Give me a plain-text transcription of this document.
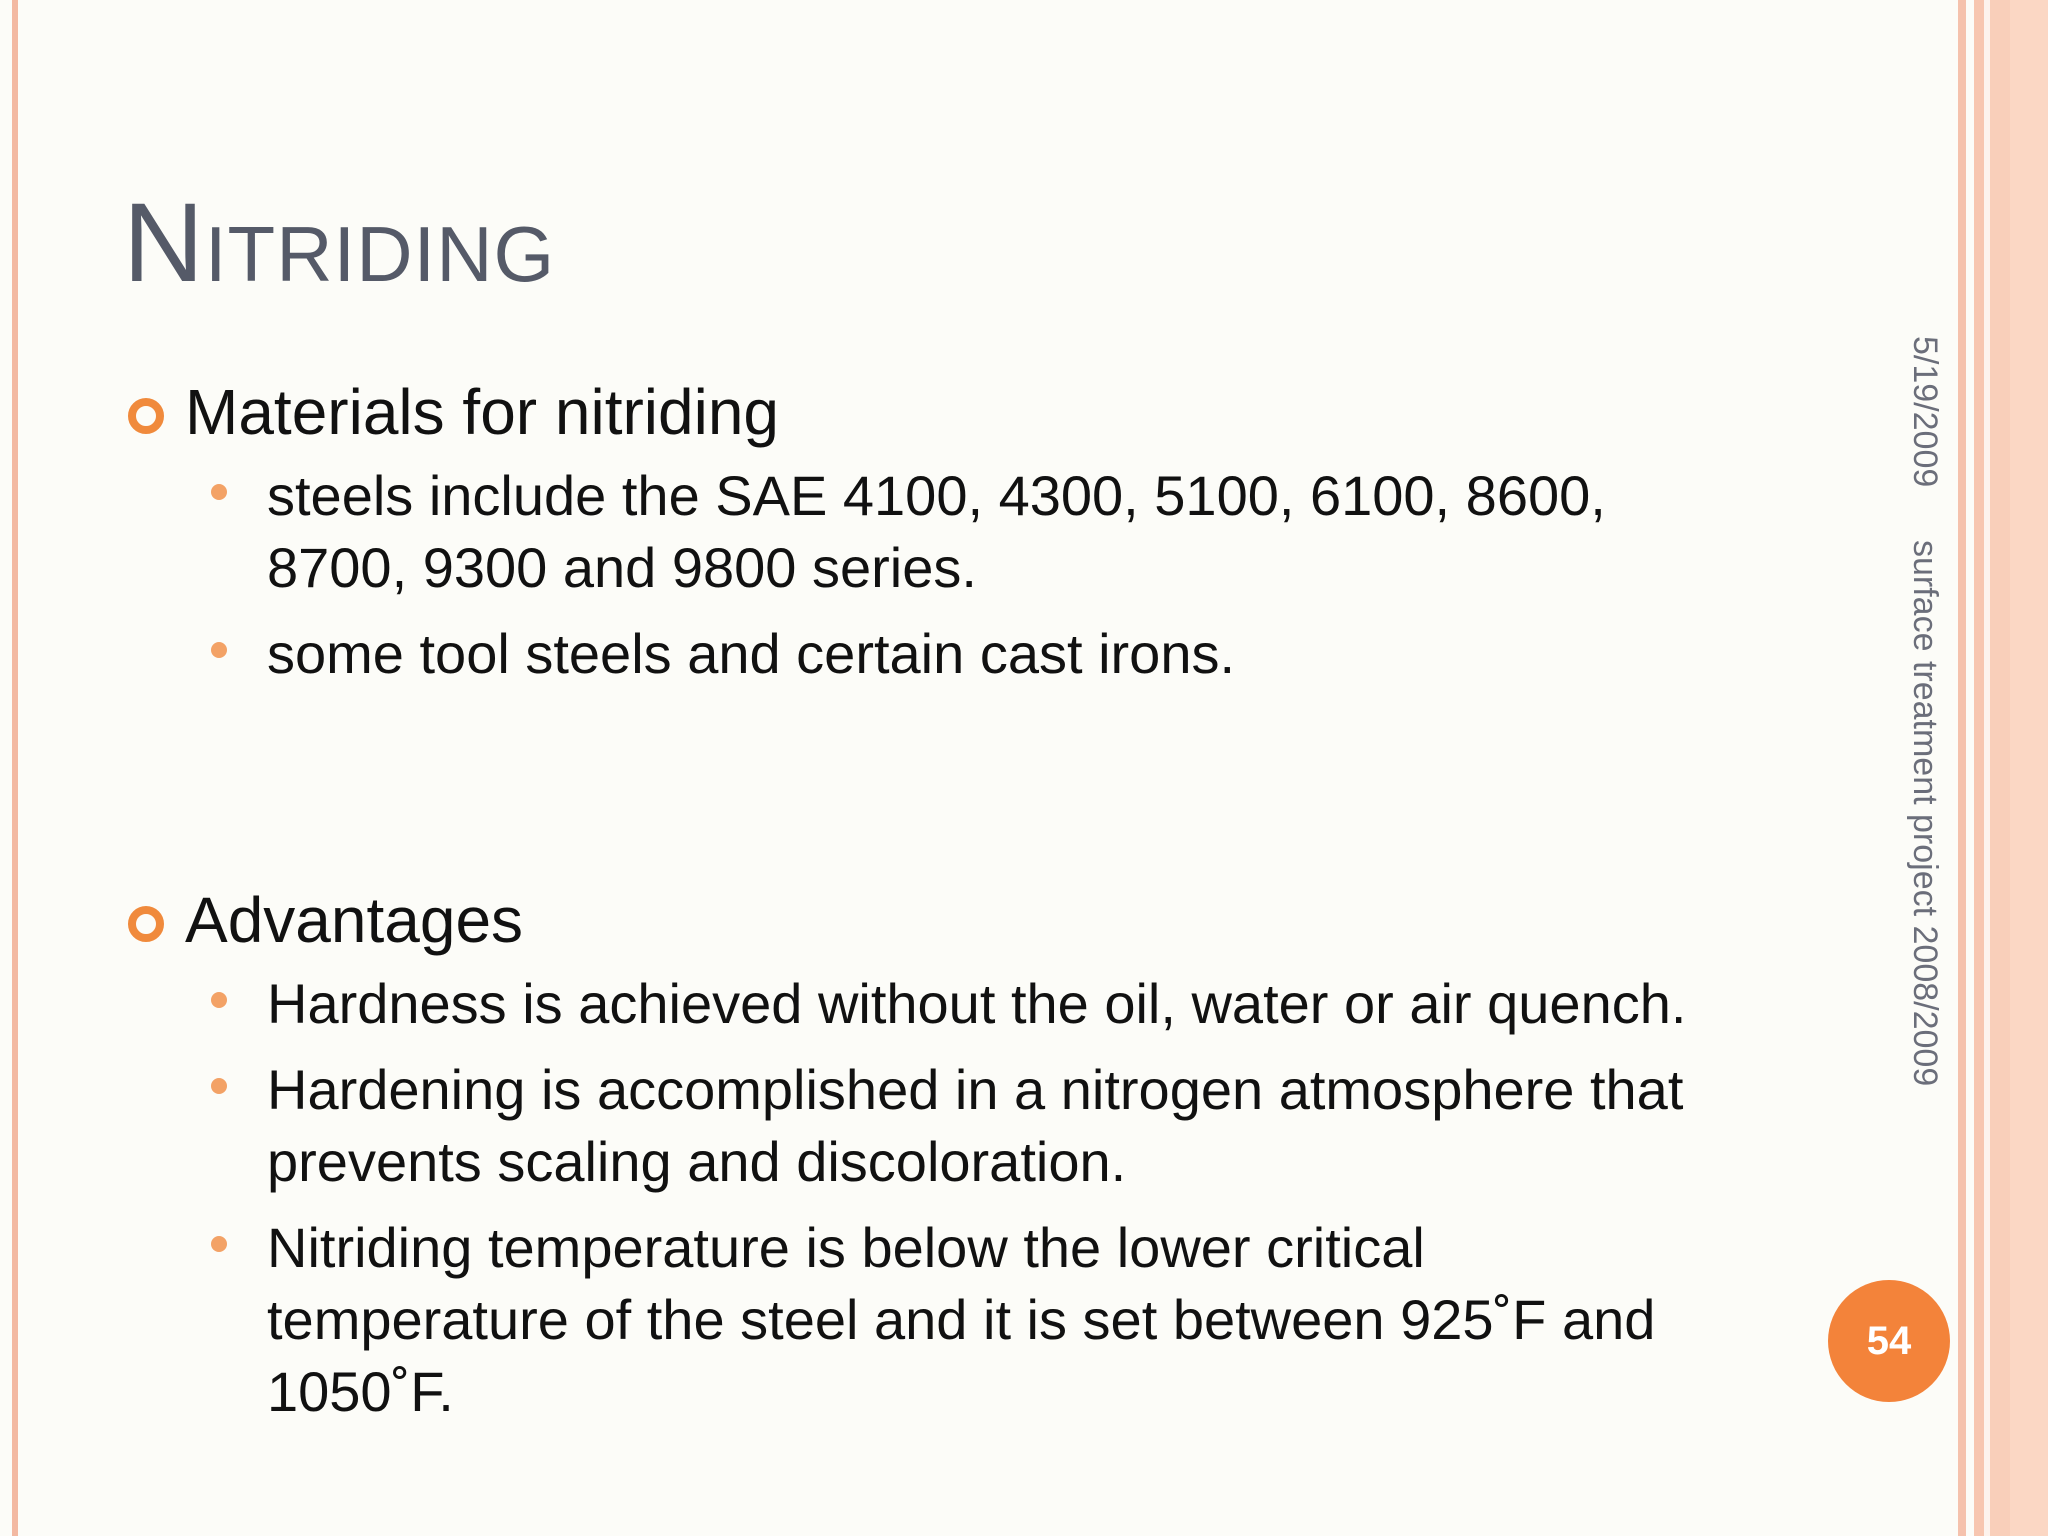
Nitriding
Materials for nitriding
steels include the SAE 4100, 4300, 5100, 6100, 8600, 8700, 9300 and 9800 series.
some tool steels and certain cast irons.
Advantages
Hardness is achieved without the oil, water or air quench.
Hardening is accomplished in a nitrogen atmosphere that prevents scaling and discoloration.
Nitriding temperature is below the lower critical temperature of the steel and it is set between 925˚F and 1050˚F.
5/19/2009
surface treatment project 2008/2009
54
